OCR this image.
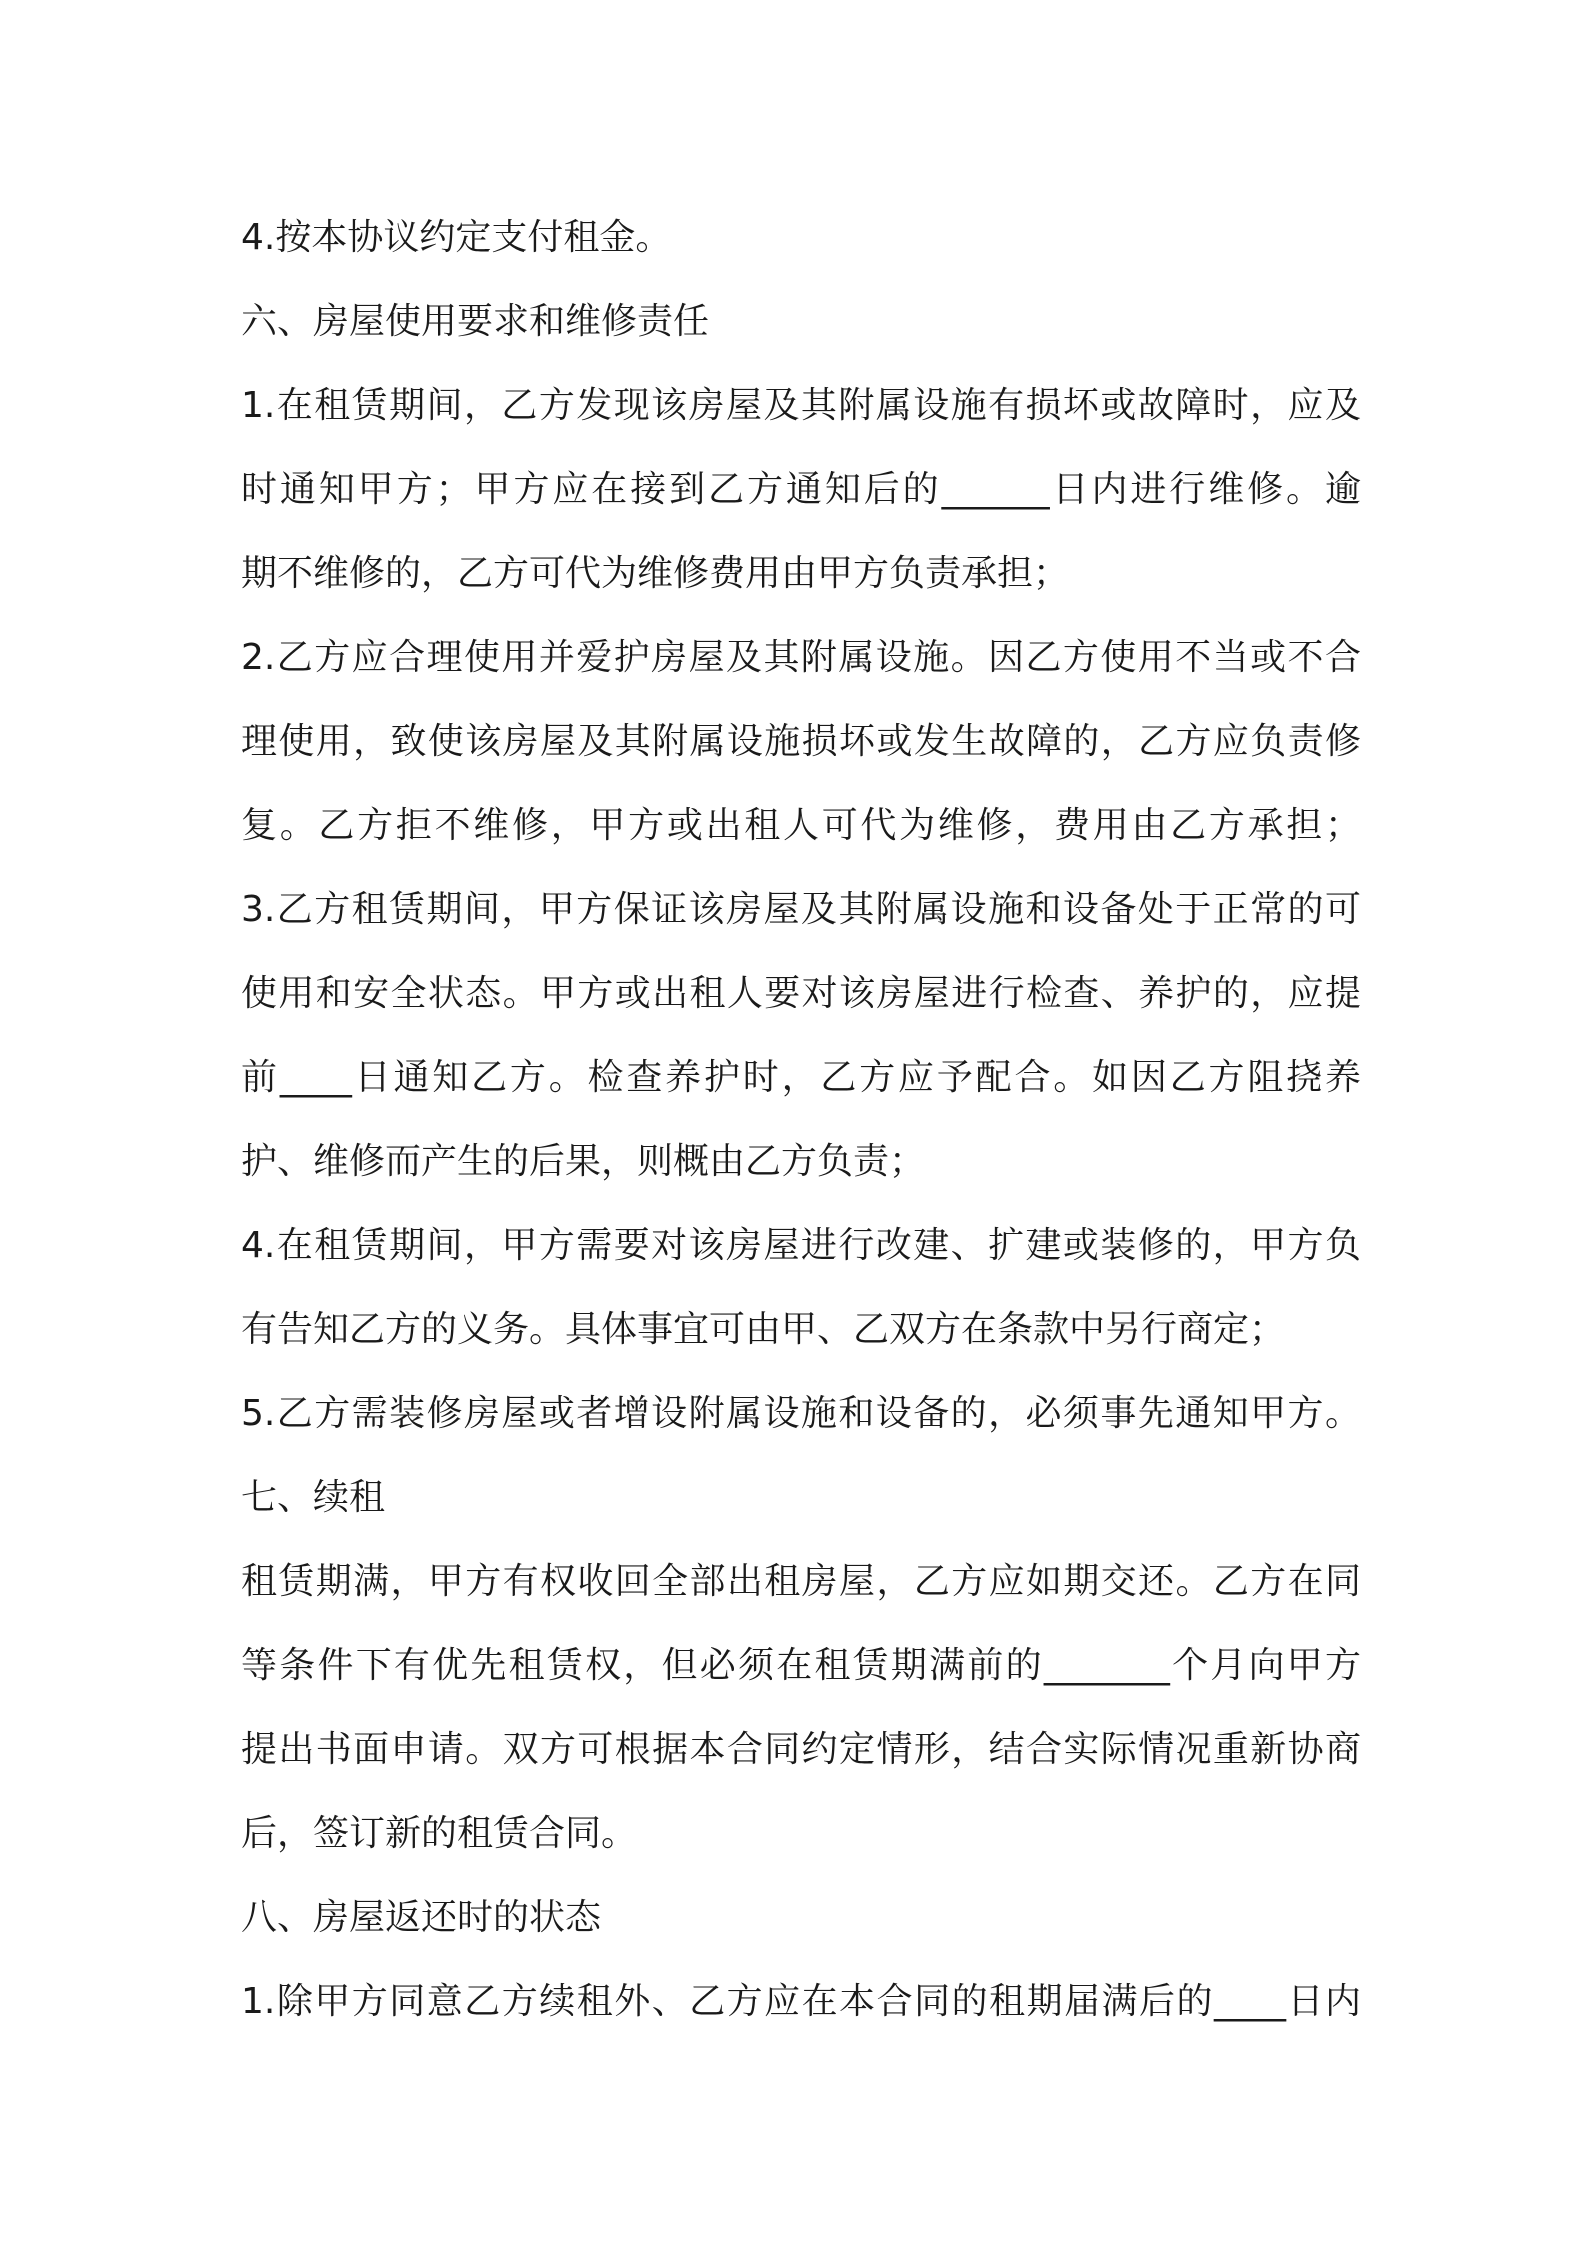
4.按本协议约定支付租金。
六、房屋使用要求和维修责任
1.在租赁期间，乙方发现该房屋及其附属设施有损坏或故障时，应及
时通知甲方；甲方应在接到乙方通知后的______日内进行维修。逾
期不维修的，乙方可代为维修费用由甲方负责承担；
2.乙方应合理使用并爱护房屋及其附属设施。因乙方使用不当或不合
理使用，致使该房屋及其附属设施损坏或发生故障的，乙方应负责修
复。乙方拒不维修，甲方或出租人可代为维修，费用由乙方承担；
3.乙方租赁期间，甲方保证该房屋及其附属设施和设备处于正常的可
使用和安全状态。甲方或出租人要对该房屋进行检查、养护的，应提
前____日通知乙方。检查养护时，乙方应予配合。如因乙方阻挠养
护、维修而产生的后果，则概由乙方负责；
4.在租赁期间，甲方需要对该房屋进行改建、扩建或装修的，甲方负
有告知乙方的义务。具体事宜可由甲、乙双方在条款中另行商定；
5.乙方需装修房屋或者增设附属设施和设备的，必须事先通知甲方。
七、续租
租赁期满，甲方有权收回全部出租房屋，乙方应如期交还。乙方在同
等条件下有优先租赁权，但必须在租赁期满前的_______个月向甲方
提出书面申请。双方可根据本合同约定情形，结合实际情况重新协商
后，签订新的租赁合同。
八、房屋返还时的状态
1.除甲方同意乙方续租外、乙方应在本合同的租期届满后的____日内
